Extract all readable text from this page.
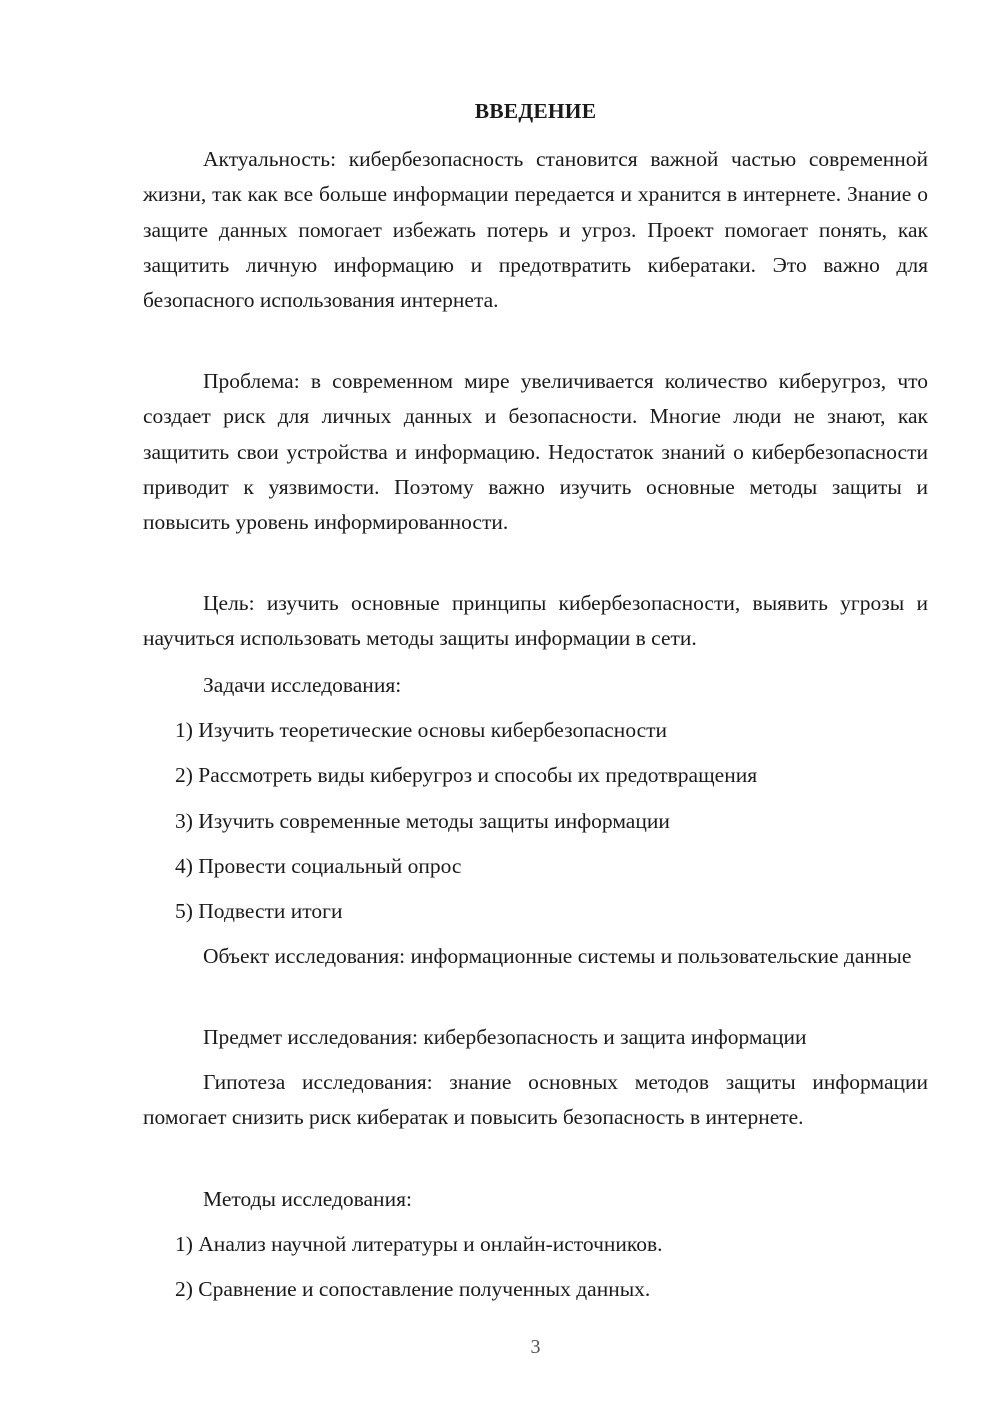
ВВЕДЕНИЕ

Актуальность: кибербезопасность становится важной частью современной жизни, так как все больше информации передается и хранится в интернете. Знание о защите данных помогает избежать потерь и угроз. Проект помогает понять, как защитить личную информацию и предотвратить кибератаки. Это важно для безопасного использования интернета.

Проблема: в современном мире увеличивается количество киберугроз, что создает риск для личных данных и безопасности. Многие люди не знают, как защитить свои устройства и информацию. Недостаток знаний о кибербезопасности приводит к уязвимости. Поэтому важно изучить основные методы защиты и повысить уровень информированности.

Цель: изучить основные принципы кибербезопасности, выявить угрозы и научиться использовать методы защиты информации в сети.

Задачи исследования:

1) Изучить теоретические основы кибербезопасности

2) Рассмотреть виды киберугроз и способы их предотвращения

3) Изучить современные методы защиты информации

4) Провести социальный опрос

5) Подвести итоги

Объект исследования: информационные системы и пользовательские данные

Предмет исследования: кибербезопасность и защита информации

Гипотеза исследования: знание основных методов защиты информации помогает снизить риск кибератак и повысить безопасность в интернете.

Методы исследования:

1) Анализ научной литературы и онлайн-источников.

2) Сравнение и сопоставление полученных данных.

3
